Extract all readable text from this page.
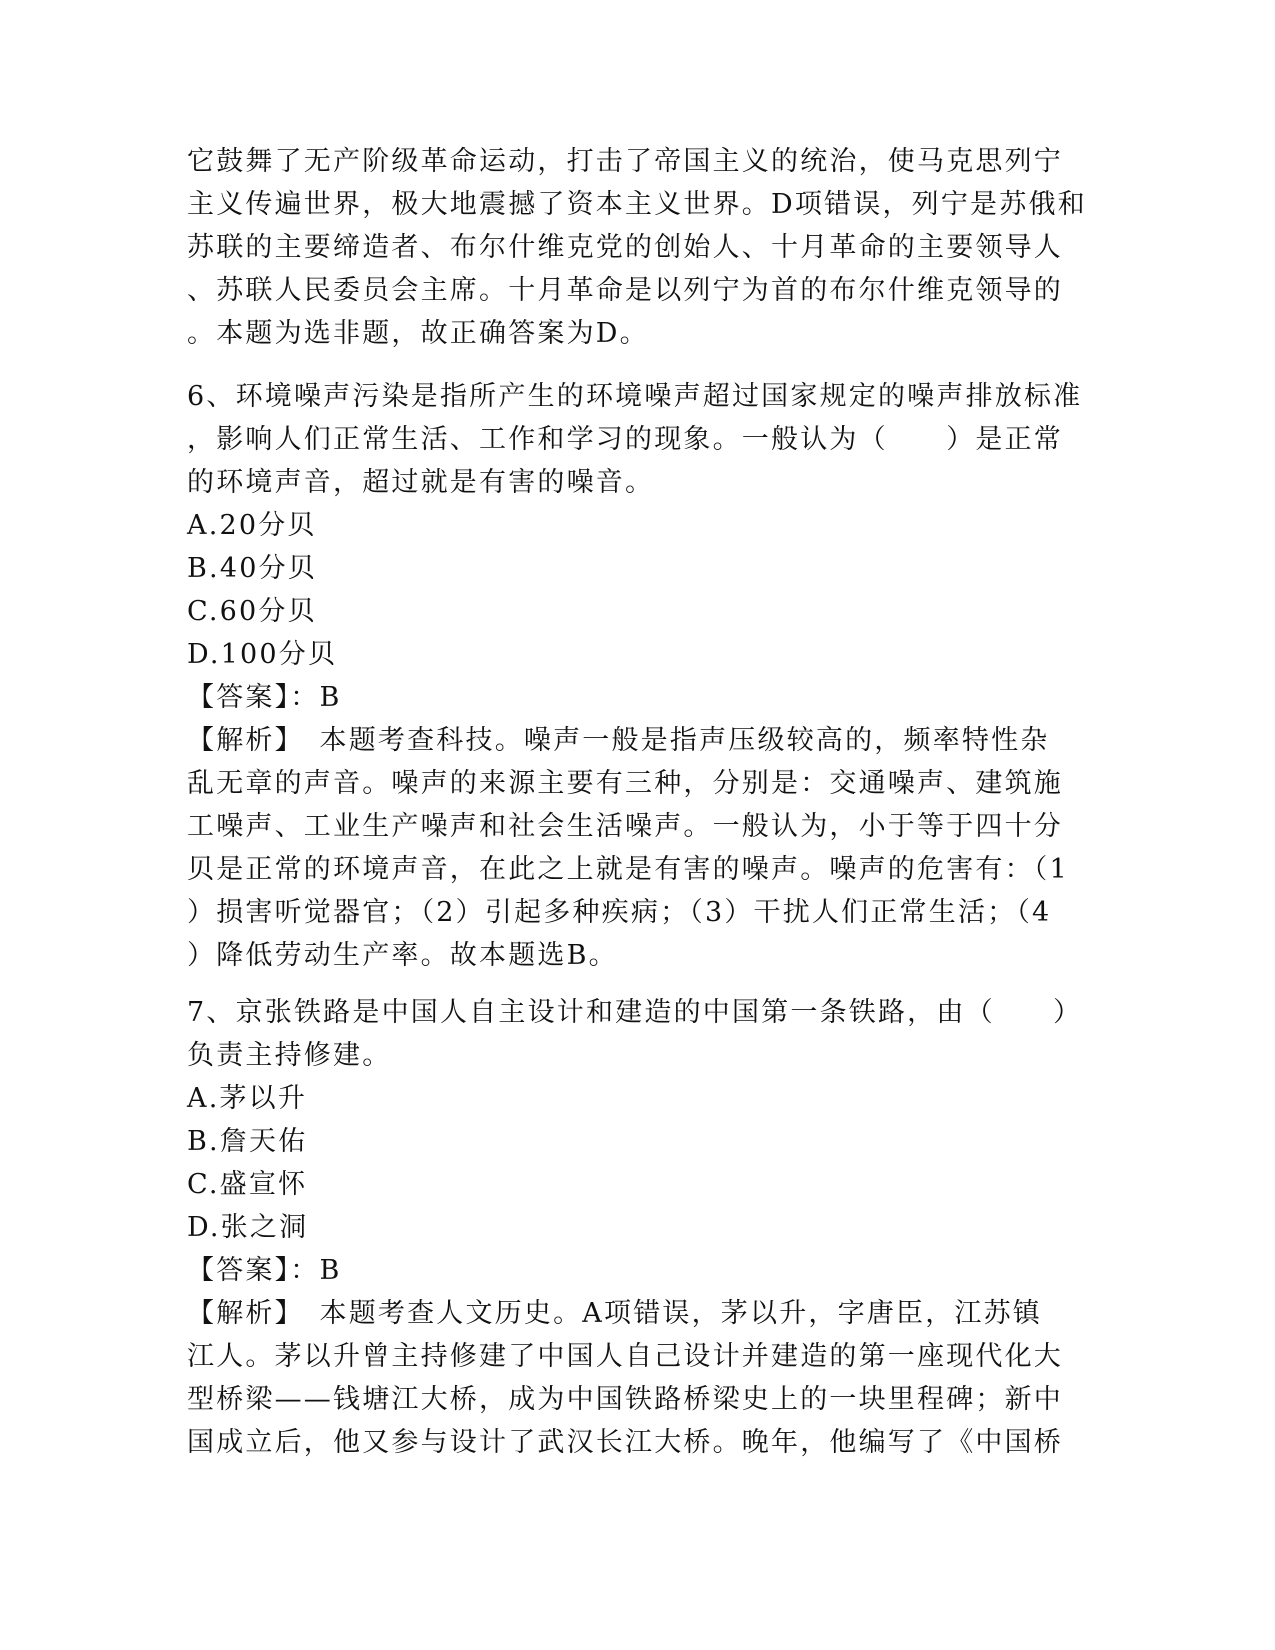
它鼓舞了无产阶级革命运动，打击了帝国主义的统治，使马克思列宁
主义传遍世界，极大地震撼了资本主义世界。D项错误，列宁是苏俄和
苏联的主要缔造者、布尔什维克党的创始人、十月革命的主要领导人
、苏联人民委员会主席。十月革命是以列宁为首的布尔什维克领导的
。本题为选非题，故正确答案为D。
6、环境噪声污染是指所产生的环境噪声超过国家规定的噪声排放标准
，影响人们正常生活、工作和学习的现象。一般认为（　　）是正常
的环境声音，超过就是有害的噪音。
A.20分贝
B.40分贝
C.60分贝
D.100分贝
【答案】：B
【解析】　本题考查科技。噪声一般是指声压级较高的，频率特性杂
乱无章的声音。噪声的来源主要有三种，分别是：交通噪声、建筑施
工噪声、工业生产噪声和社会生活噪声。一般认为，小于等于四十分
贝是正常的环境声音，在此之上就是有害的噪声。噪声的危害有：（1
）损害听觉器官；（2）引起多种疾病；（3）干扰人们正常生活；（4
）降低劳动生产率。故本题选B。
7、京张铁路是中国人自主设计和建造的中国第一条铁路，由（　　）
负责主持修建。
A.茅以升
B.詹天佑
C.盛宣怀
D.张之洞
【答案】：B
【解析】　本题考查人文历史。A项错误，茅以升，字唐臣，江苏镇
江人。茅以升曾主持修建了中国人自己设计并建造的第一座现代化大
型桥梁——钱塘江大桥，成为中国铁路桥梁史上的一块里程碑；新中
国成立后，他又参与设计了武汉长江大桥。晚年，他编写了《中国桥
